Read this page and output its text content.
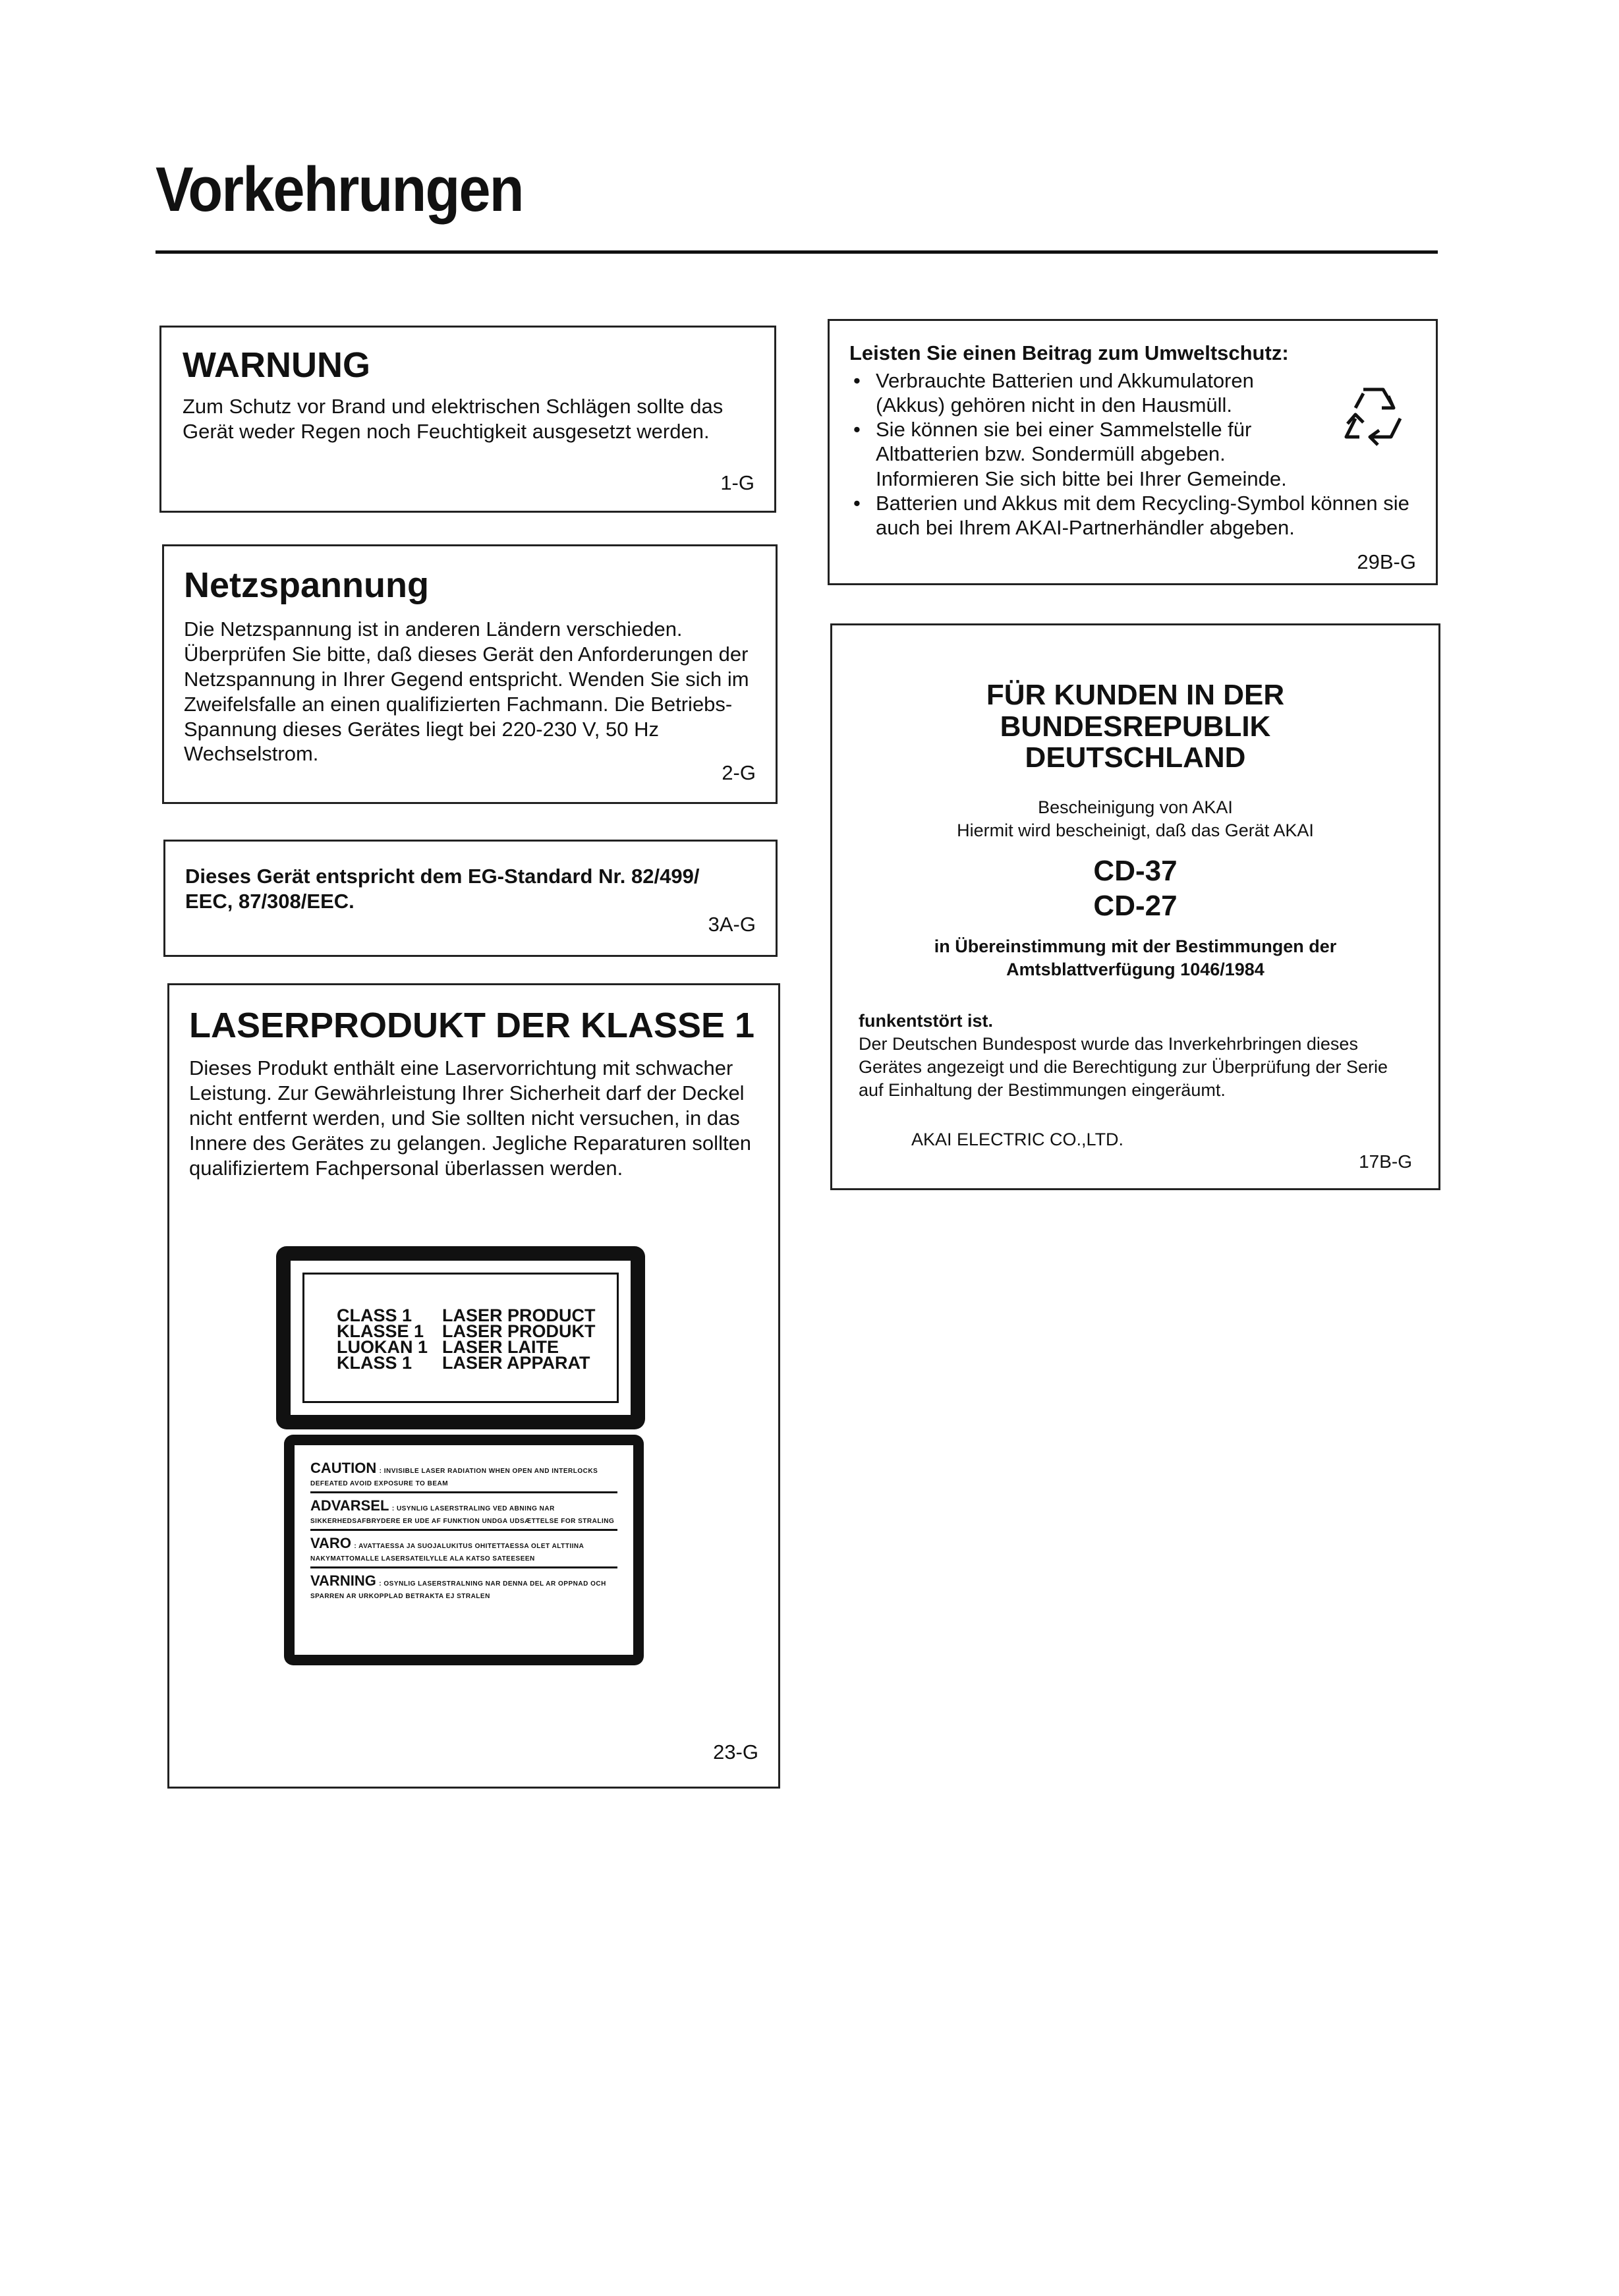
Vorkehrungen
WARNUNG

Zum Schutz vor Brand und elektrischen Schlägen sollte das Gerät weder Regen noch Feuchtigkeit ausgesetzt werden.

1-G
Netzspannung

Die Netzspannung ist in anderen Ländern verschieden. Überprüfen Sie bitte, daß dieses Gerät den Anforderungen der Netzspannung in Ihrer Gegend entspricht. Wenden Sie sich im Zweifelsfalle an einen qualifizierten Fachmann. Die Betriebs-Spannung dieses Gerätes liegt bei 220-230 V, 50 Hz Wechselstrom.

2-G

Dieses Gerät entspricht dem EG-Standard Nr. 82/499/ EEC, 87/308/EEC.

3A-G
LASERPRODUKT DER KLASSE 1

Dieses Produkt enthält eine Laservorrichtung mit schwacher Leistung. Zur Gewährleistung Ihrer Sicherheit darf der Deckel nicht entfernt werden, und Sie sollten nicht versuchen, in das Innere des Gerätes zu gelangen. Jegliche Reparaturen sollten qualifiziertem Fachpersonal überlassen werden.

CLASS 1 LASER PRODUCT
KLASSE 1 LASER PRODUKT
LUOKAN 1 LASER LAITE
KLASS 1 LASER APPARAT
CAUTION : INVISIBLE LASER RADIATION WHEN OPEN AND INTERLOCKS DEFEATED AVOID EXPOSURE TO BEAM
ADVARSEL : USYNLIG LASERSTRALING VED ABNING NAR SIKKERHEDSAFBRYDERE ER UDE AF FUNKTION UNDGA UDSÆTTELSE FOR STRALING
VARO : AVATTAESSA JA SUOJALUKITUS OHITETTAESSA OLET ALTTIINA NAKYMATTOMALLE LASERSATEILYLLE ALA KATSO SATEESEEN
VARNING : OSYNLIG LASERSTRALNING NAR DENNA DEL AR OPPNAD OCH SPARREN AR URKOPPLAD BETRAKTA EJ STRALEN
23-G
Leisten Sie einen Beitrag zum Umweltschutz:
• Verbrauchte Batterien und Akkumulatoren (Akkus) gehören nicht in den Hausmüll.
• Sie können sie bei einer Sammelstelle für Altbatterien bzw. Sondermüll abgeben.
Informieren Sie sich bitte bei Ihrer Gemeinde.
• Batterien und Akkus mit dem Recycling-Symbol können sie auch bei Ihrem AKAI-Partnerhändler abgeben.
29B-G
FÜR KUNDEN IN DER BUNDESREPUBLIK DEUTSCHLAND
Bescheinigung von AKAI
Hiermit wird bescheinigt, daß das Gerät AKAI
CD-37
CD-27
in Übereinstimmung mit der Bestimmungen der
Amtsblattverfügung 1046/1984
funkentstört ist.
Der Deutschen Bundespost wurde das Inverkehrbringen dieses Gerätes angezeigt und die Berechtigung zur Überprüfung der Serie auf Einhaltung der Bestimmungen eingeräumt.
AKAI ELECTRIC CO.,LTD.
17B-G
